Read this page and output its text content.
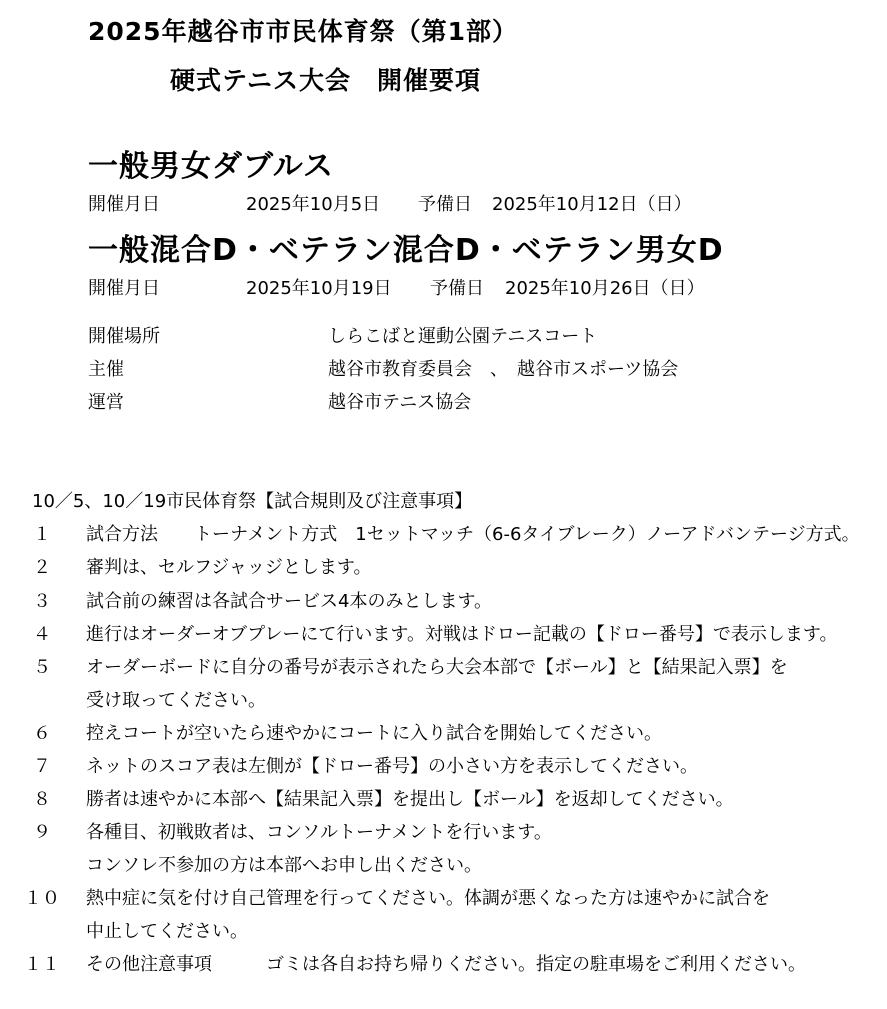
2025年越谷市市民体育祭（第1部）
硬式テニス大会　開催要項
一般男女ダブルス
開催月日	2025年10月5日 予備日 2025年10月12日（日）
一般混合D・ベテラン混合D・ベテラン男女D
開催月日	2025年10月19日 予備日 2025年10月26日（日）
開催場所	しらこばと運動公園テニスコート
主催	越谷市教育委員会　、　越谷市スポーツ協会
運営	越谷市テニス協会
10／5、10／19市民体育祭【試合規則及び注意事項】
１	試合方法　　トーナメント方式　1セットマッチ（6-6タイブレーク）ノーアドバンテージ方式。
２	審判は、セルフジャッジとします。
３	試合前の練習は各試合サービス4本のみとします。
４	進行はオーダーオブプレーにて行います。対戦はドロー記載の【ドロー番号】で表示します。
５	オーダーボードに自分の番号が表示されたら大会本部で【ボール】と【結果記入票】を
受け取ってください。
６	控えコートが空いたら速やかにコートに入り試合を開始してください。
７	ネットのスコア表は左側が【ドロー番号】の小さい方を表示してください。
８	勝者は速やかに本部へ【結果記入票】を提出し【ボール】を返却してください。
９	各種目、初戦敗者は、コンソルトーナメントを行います。
コンソレ不参加の方は本部へお申し出ください。
１０ 熱中症に気を付け自己管理を行ってください。体調が悪くなった方は速やかに試合を
中止してください。
１１ その他注意事項　　　ゴミは各自お持ち帰りください。指定の駐車場をご利用ください。
